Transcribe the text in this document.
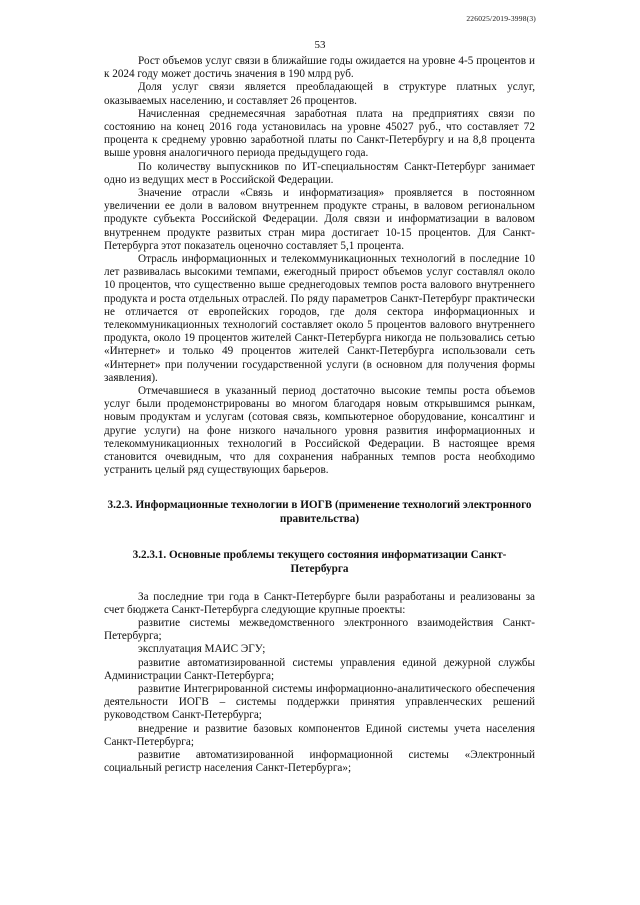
226025/2019-3998(3)
53

Рост объемов услуг связи в ближайшие годы ожидается на уровне 4-5 процентов и к 2024 году может достичь значения в 190 млрд руб.

Доля услуг связи является преобладающей в структуре платных услуг, оказываемых населению, и составляет 26 процентов.

Начисленная среднемесячная заработная плата на предприятиях связи по состоянию на конец 2016 года установилась на уровне 45027 руб., что составляет 72 процента к среднему уровню заработной платы по Санкт-Петербургу и на 8,8 процента выше уровня аналогичного периода предыдущего года.

По количеству выпускников по ИТ-специальностям Санкт-Петербург занимает одно из ведущих мест в Российской Федерации.

Значение отрасли «Связь и информатизация» проявляется в постоянном увеличении ее доли в валовом внутреннем продукте страны, в валовом региональном продукте субъекта Российской Федерации. Доля связи и информатизации в валовом внутреннем продукте развитых стран мира достигает 10-15 процентов. Для Санкт-Петербурга этот показатель оценочно составляет 5,1 процента.

Отрасль информационных и телекоммуникационных технологий в последние 10 лет развивалась высокими темпами, ежегодный прирост объемов услуг составлял около 10 процентов, что существенно выше среднегодовых темпов роста валового внутреннего продукта и роста отдельных отраслей. По ряду параметров Санкт-Петербург практически не отличается от европейских городов, где доля сектора информационных и телекоммуникационных технологий составляет около 5 процентов валового внутреннего продукта, около 19 процентов жителей Санкт-Петербурга никогда не пользовались сетью «Интернет» и только 49 процентов жителей Санкт-Петербурга использовали сеть «Интернет» при получении государственной услуги (в основном для получения формы заявления).

Отмечавшиеся в указанный период достаточно высокие темпы роста объемов услуг были продемонстрированы во многом благодаря новым открывшимся рынкам, новым продуктам и услугам (сотовая связь, компьютерное оборудование, консалтинг и другие услуги) на фоне низкого начального уровня развития информационных и телекоммуникационных технологий в Российской Федерации. В настоящее время становится очевидным, что для сохранения набранных темпов роста необходимо устранить целый ряд существующих барьеров.

3.2.3. Информационные технологии в ИОГВ (применение технологий электронного правительства)

3.2.3.1. Основные проблемы текущего состояния информатизации Санкт-Петербурга

За последние три года в Санкт-Петербурге были разработаны и реализованы за счет бюджета Санкт-Петербурга следующие крупные проекты:

развитие системы межведомственного электронного взаимодействия Санкт-Петербурга;

эксплуатация МАИС ЭГУ;

развитие автоматизированной системы управления единой дежурной службы Администрации Санкт-Петербурга;

развитие Интегрированной системы информационно-аналитического обеспечения деятельности ИОГВ – системы поддержки принятия управленческих решений руководством Санкт-Петербурга;

внедрение и развитие базовых компонентов Единой системы учета населения Санкт-Петербурга;

развитие автоматизированной информационной системы «Электронный социальный регистр населения Санкт-Петербурга»;
